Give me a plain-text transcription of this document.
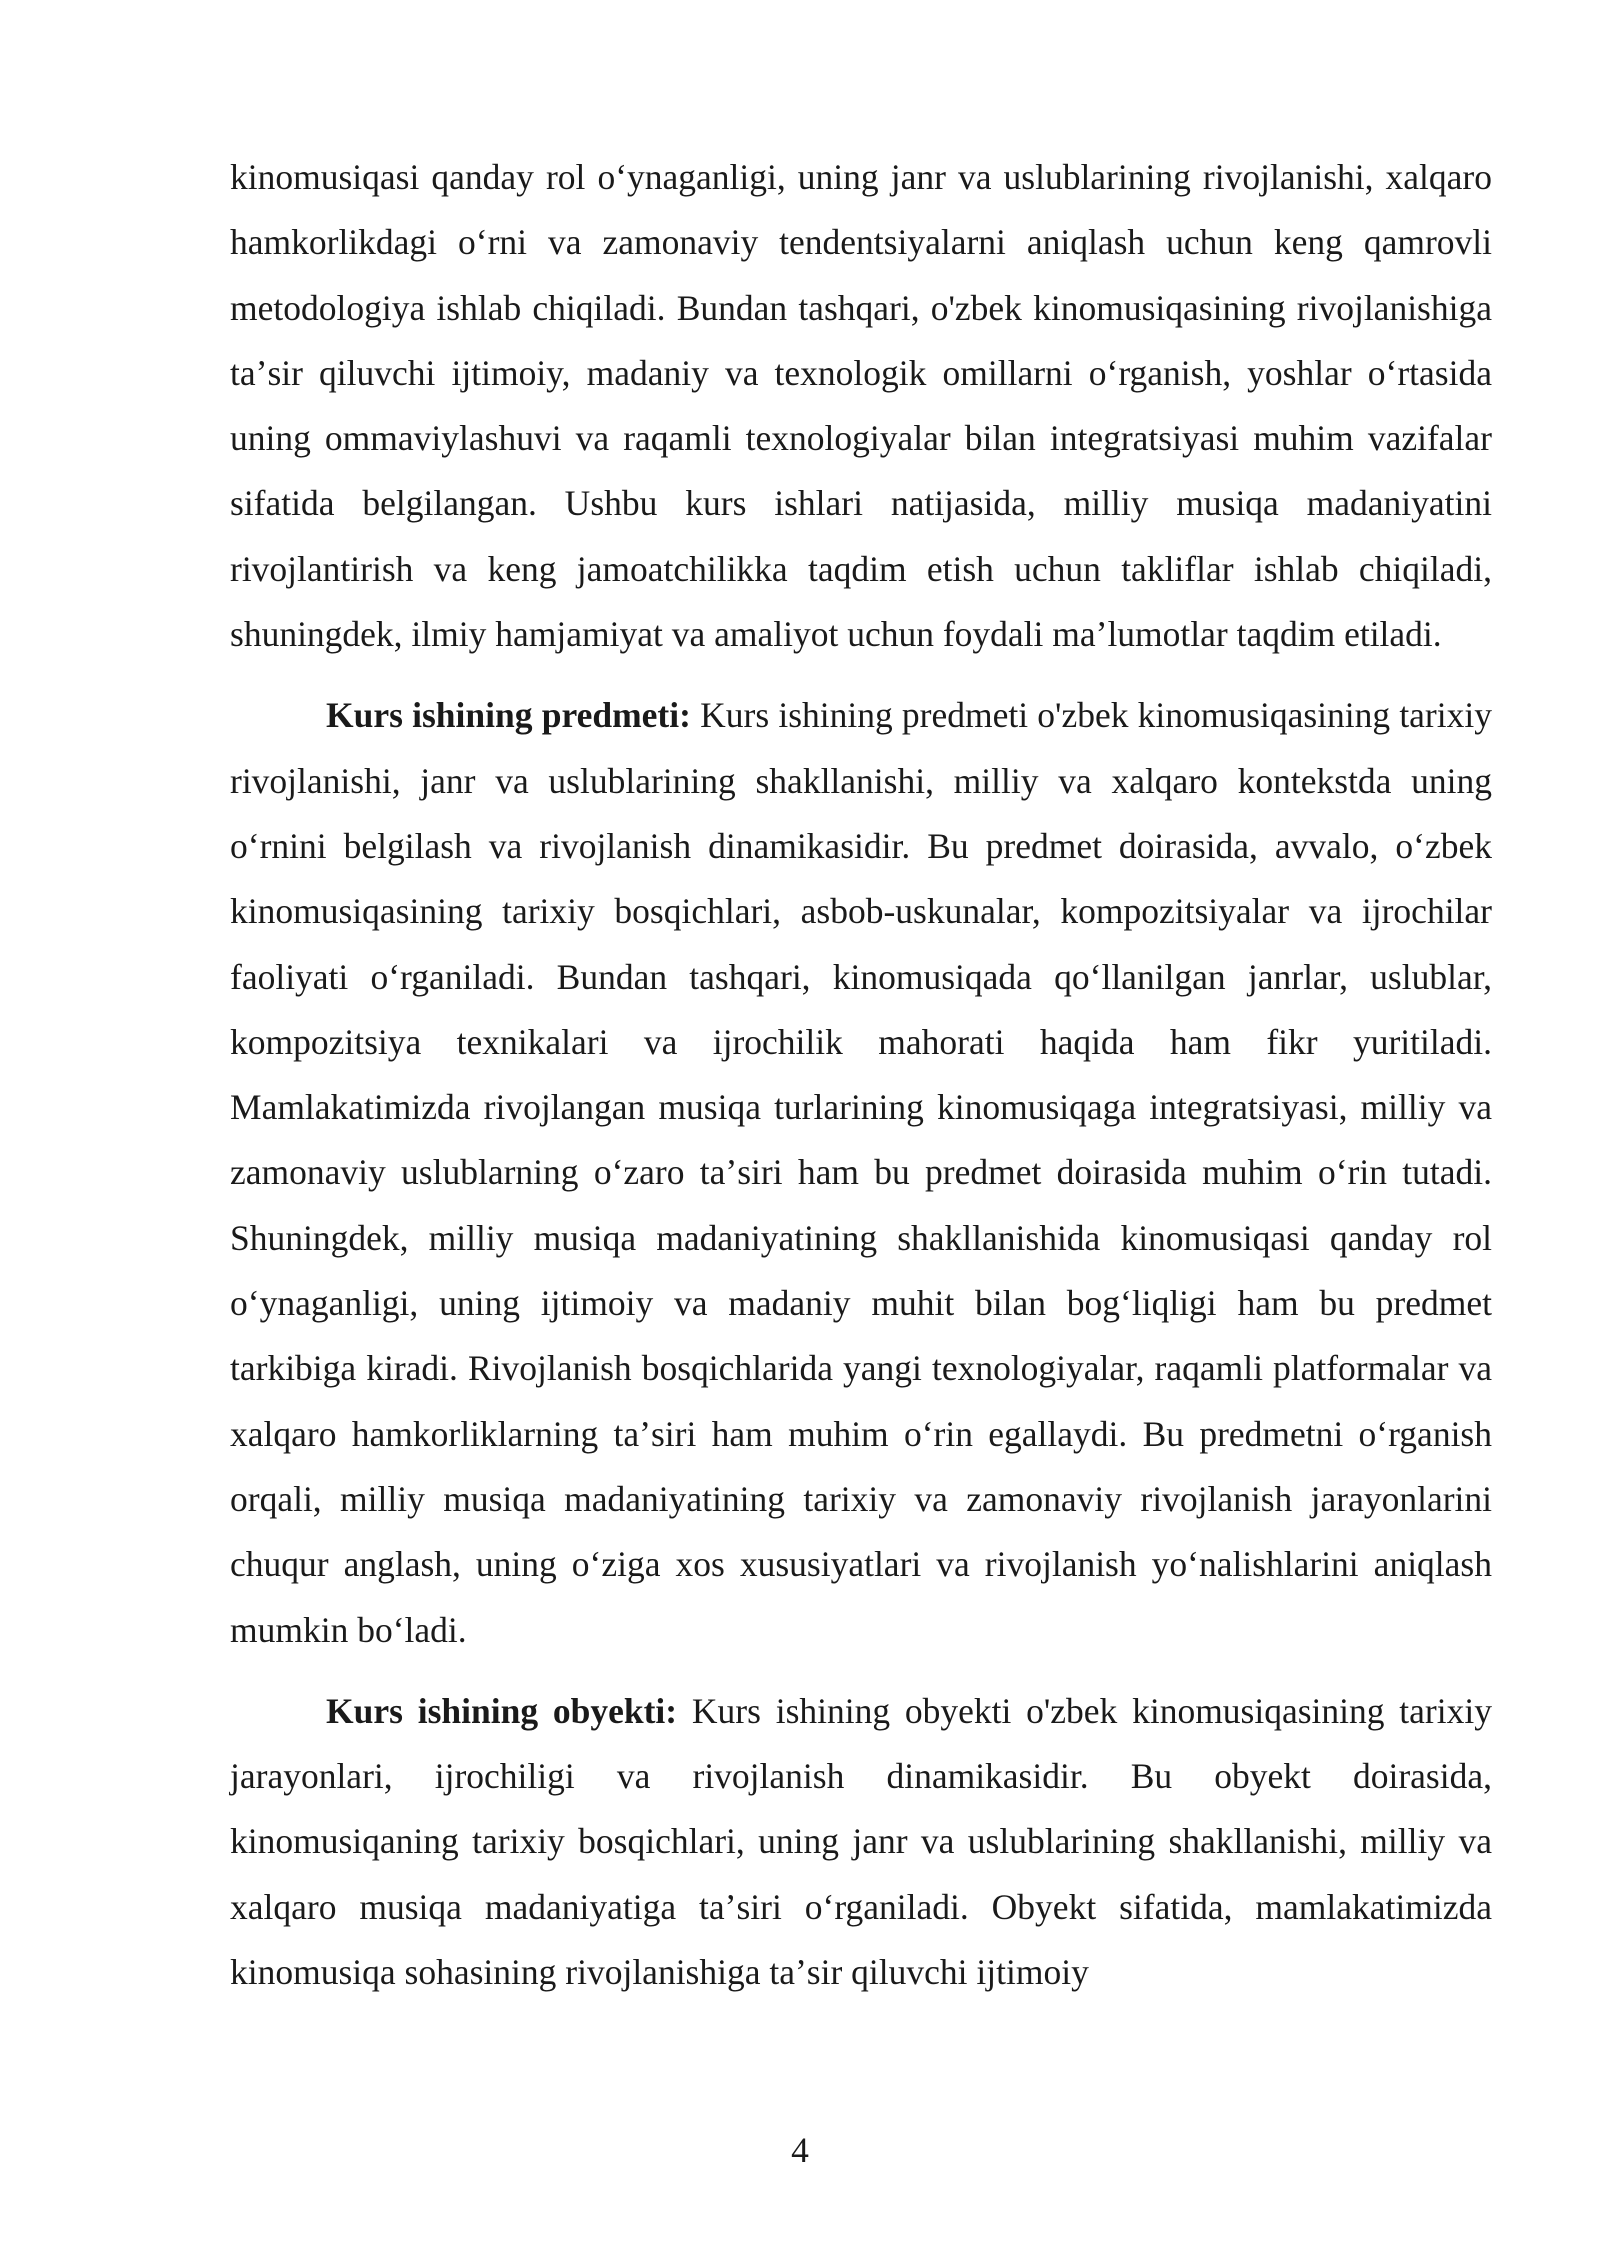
kinomusiqasi qanday rol oʻynaganligi, uning janr va uslublarining rivojlanishi, xalqaro hamkorlikdagi oʻrni va zamonaviy tendentsiyalarni aniqlash uchun keng qamrovli metodologiya ishlab chiqiladi. Bundan tashqari, o'zbek kinomusiqasining rivojlanishiga taʼsir qiluvchi ijtimoiy, madaniy va texnologik omillarni oʻrganish, yoshlar oʻrtasida uning ommaviylashuvi va raqamli texnologiyalar bilan integratsiyasi muhim vazifalar sifatida belgilangan. Ushbu kurs ishlari natijasida, milliy musiqa madaniyatini rivojlantirish va keng jamoatchilikka taqdim etish uchun takliflar ishlab chiqiladi, shuningdek, ilmiy hamjamiyat va amaliyot uchun foydali maʼlumotlar taqdim etiladi.

Kurs ishining predmeti: Kurs ishining predmeti o'zbek kinomusiqasining tarixiy rivojlanishi, janr va uslublarining shakllanishi, milliy va xalqaro kontekstda uning oʻrnini belgilash va rivojlanish dinamikasidir. Bu predmet doirasida, avvalo, oʻzbek kinomusiqasining tarixiy bosqichlari, asbob-uskunalar, kompozitsiyalar va ijrochilar faoliyati oʻrganiladi. Bundan tashqari, kinomusiqada qoʻllanilgan janrlar, uslublar, kompozitsiya texnikalari va ijrochilik mahorati haqida ham fikr yuritiladi. Mamlakatimizda rivojlangan musiqa turlarining kinomusiqaga integratsiyasi, milliy va zamonaviy uslublarning oʻzaro taʼsiri ham bu predmet doirasida muhim oʻrin tutadi. Shuningdek, milliy musiqa madaniyatining shakllanishida kinomusiqasi qanday rol oʻynaganligi, uning ijtimoiy va madaniy muhit bilan bogʻliqligi ham bu predmet tarkibiga kiradi. Rivojlanish bosqichlarida yangi texnologiyalar, raqamli platformalar va xalqaro hamkorliklarning taʼsiri ham muhim oʻrin egallaydi. Bu predmetni oʻrganish orqali, milliy musiqa madaniyatining tarixiy va zamonaviy rivojlanish jarayonlarini chuqur anglash, uning oʻziga xos xususiyatlari va rivojlanish yoʻnalishlarini aniqlash mumkin boʻladi.

Kurs ishining obyekti: Kurs ishining obyekti o'zbek kinomusiqasining tarixiy jarayonlari, ijrochiligi va rivojlanish dinamikasidir. Bu obyekt doirasida, kinomusiqaning tarixiy bosqichlari, uning janr va uslublarining shakllanishi, milliy va xalqaro musiqa madaniyatiga taʼsiri oʻrganiladi. Obyekt sifatida, mamlakatimizda kinomusiqa sohasining rivojlanishiga taʼsir qiluvchi ijtimoiy

4
